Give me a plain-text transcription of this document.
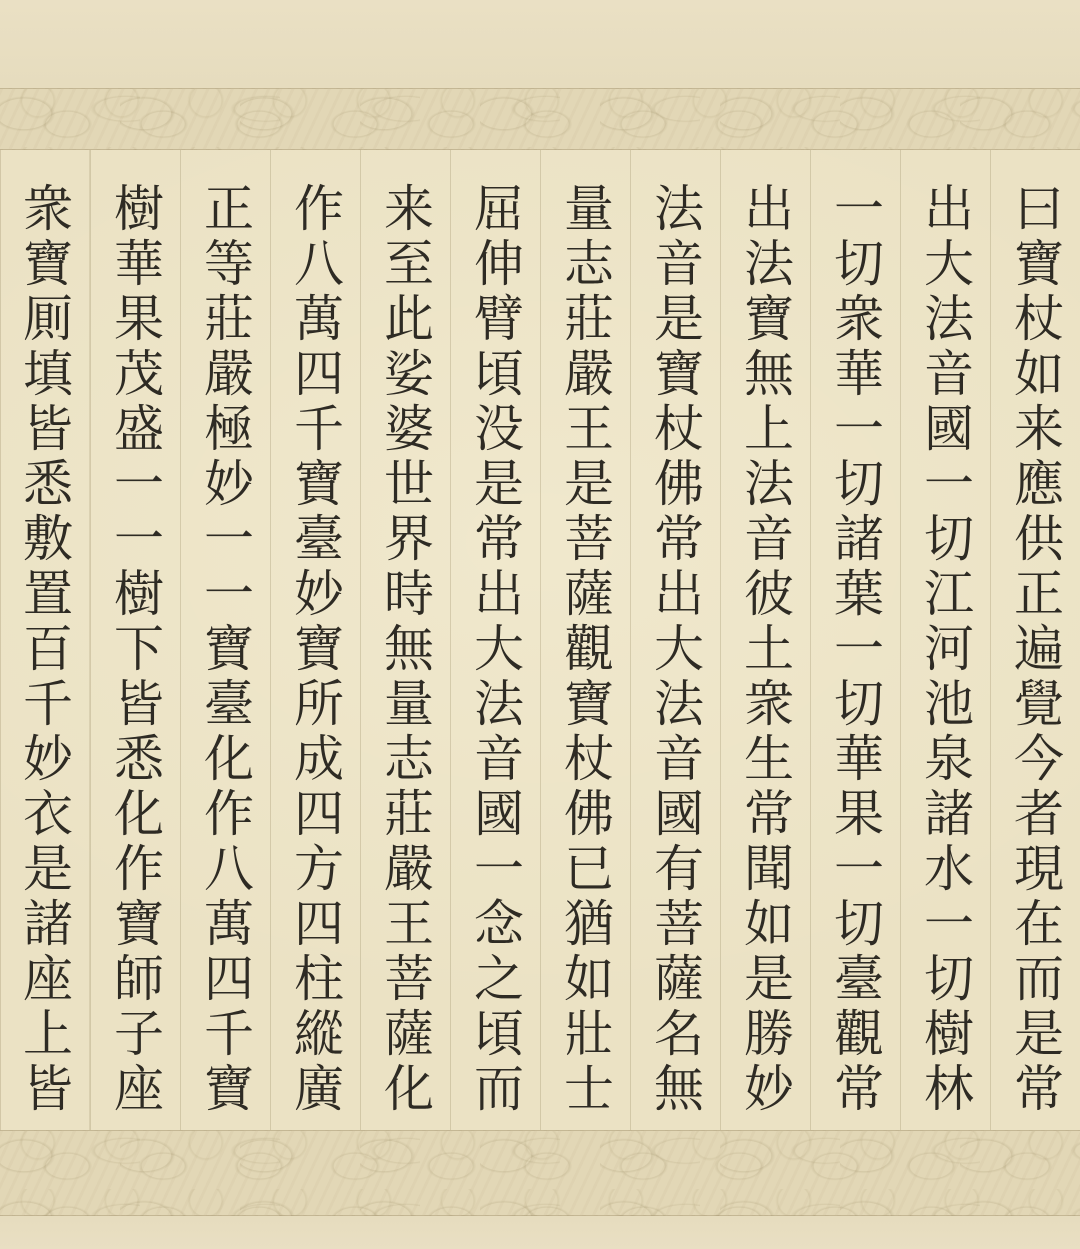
曰寶杖如来應供正遍覺今者現在而是常
出大法音國一切江河池泉諸水一切樹林
一切衆華一切諸葉一切華果一切臺觀常
出法寶無上法音彼土衆生常聞如是勝妙
法音是寶杖佛常出大法音國有菩薩名無
量志莊嚴王是菩薩觀寶杖佛已猶如壯士
屈伸臂頃没是常出大法音國一念之頃而
来至此娑婆世界時無量志莊嚴王菩薩化
作八萬四千寶臺妙寶所成四方四柱縱廣
正等莊嚴極妙一一寶臺化作八萬四千寶
樹華果茂盛一一樹下皆悉化作寶師子座
衆寶厠填皆悉敷置百千妙衣是諸座上皆
